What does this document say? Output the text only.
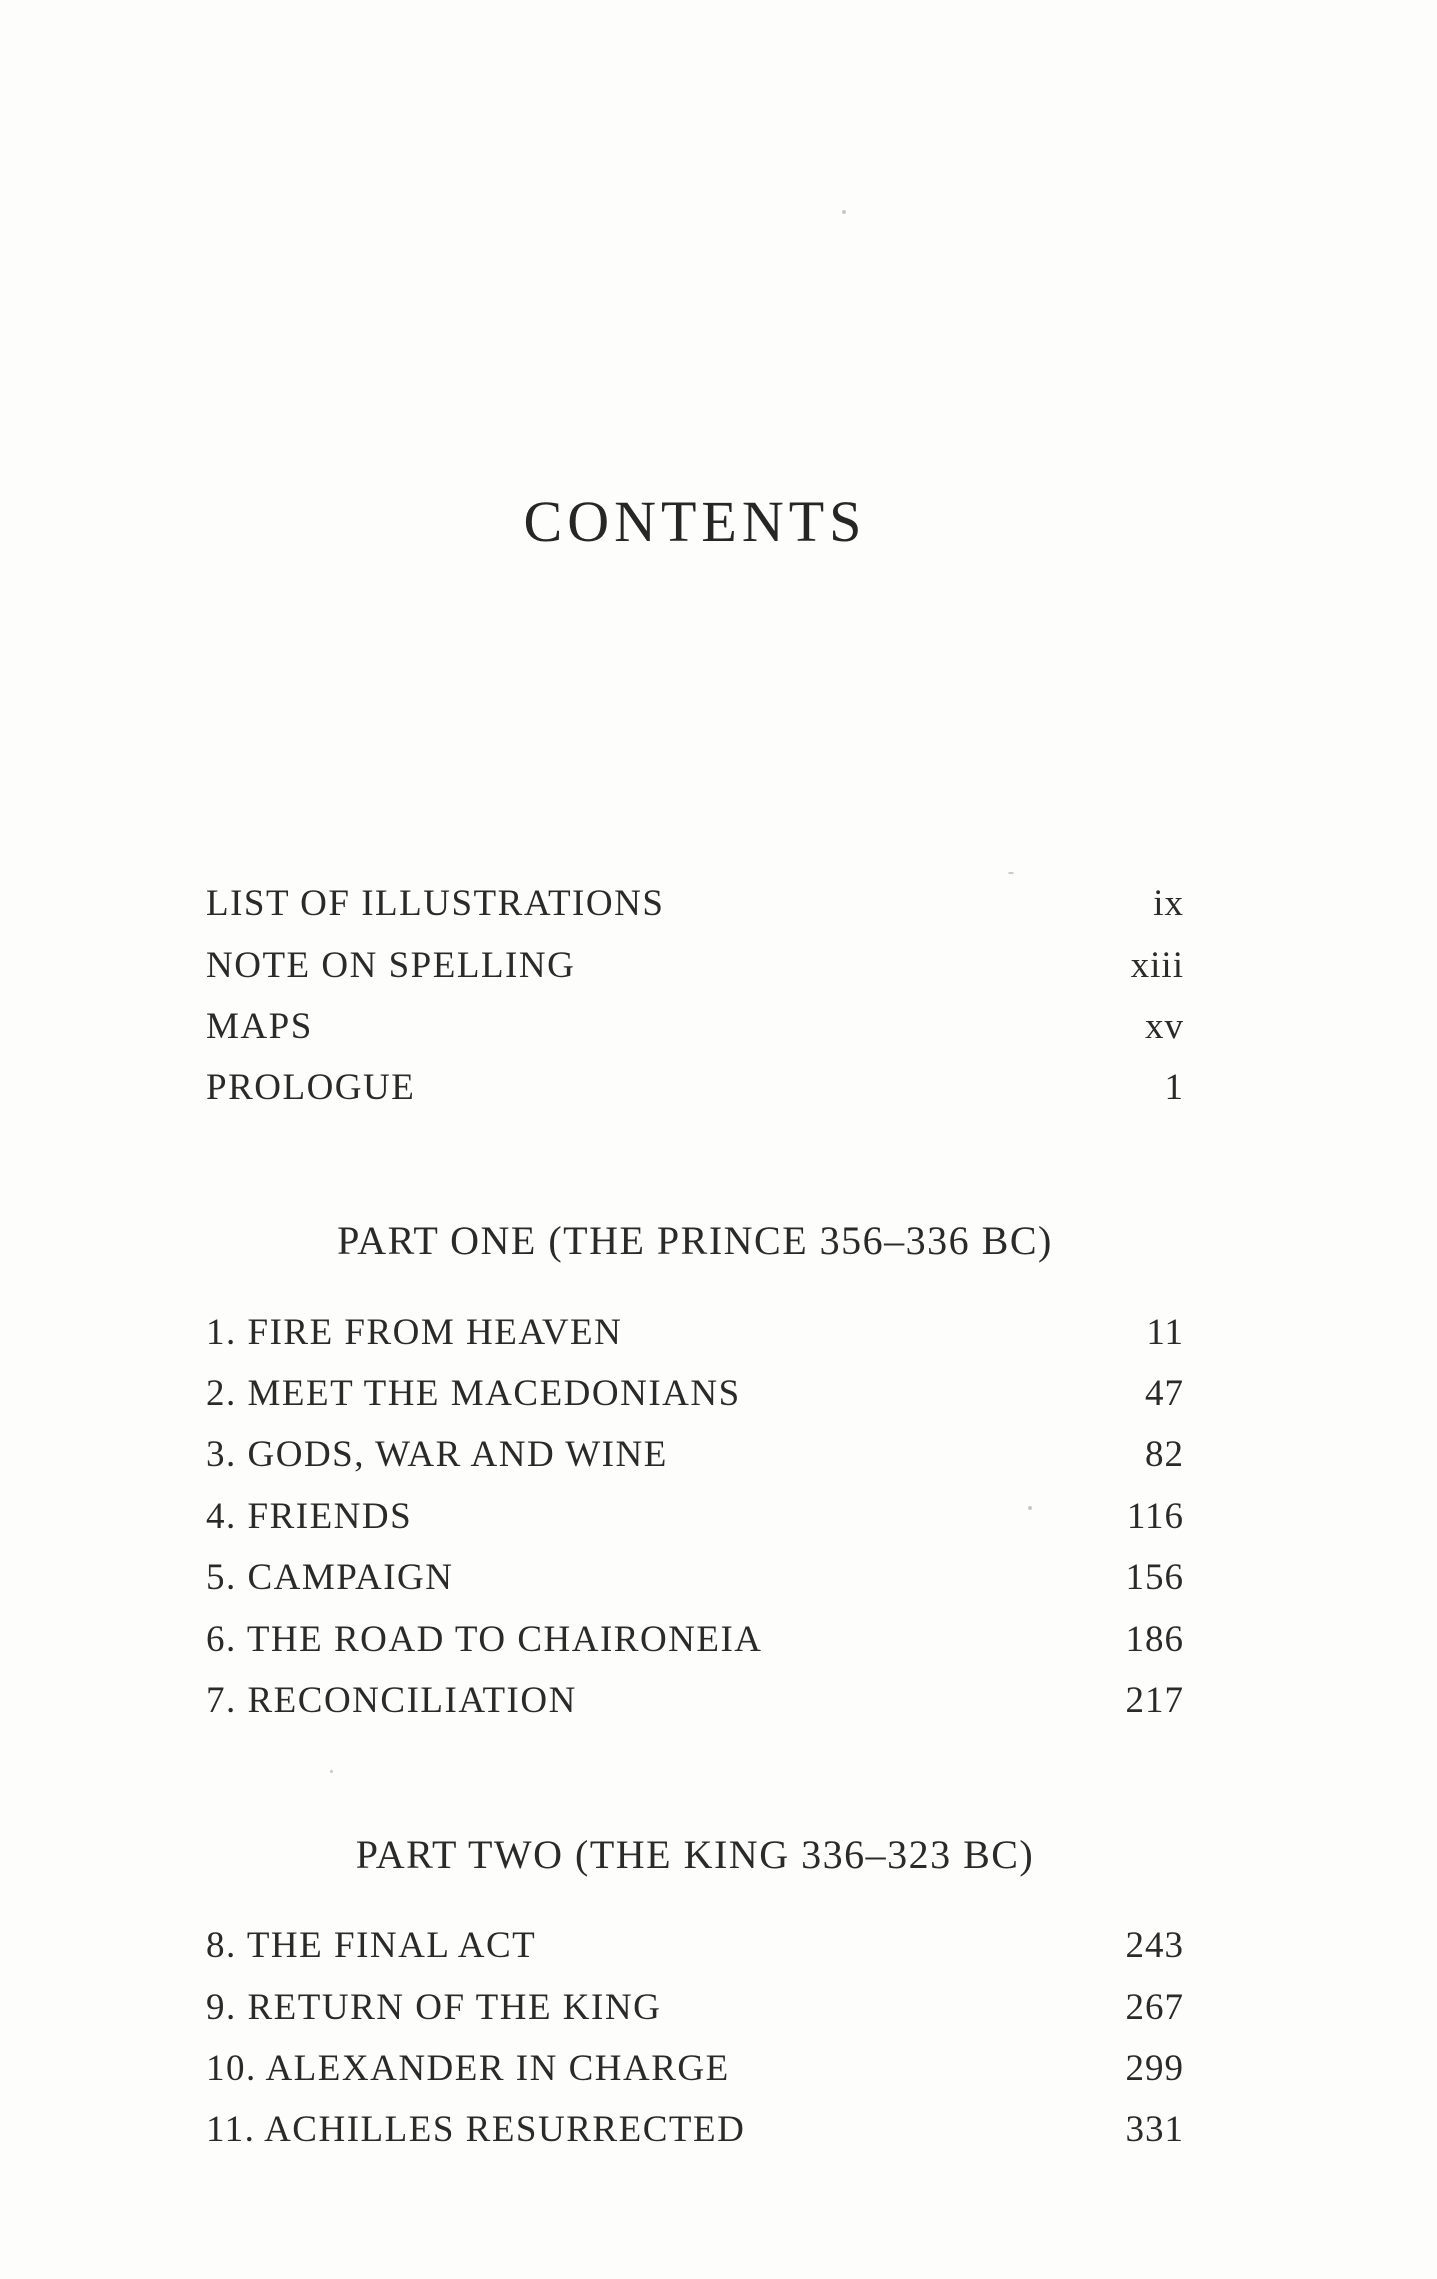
CONTENTS
LIST OF ILLUSTRATIONS	ix
NOTE ON SPELLING	xiii
MAPS	xv
PROLOGUE	1
PART ONE (THE PRINCE 356–336 BC)
1. FIRE FROM HEAVEN	11
2. MEET THE MACEDONIANS	47
3. GODS, WAR AND WINE	82
4. FRIENDS	116
5. CAMPAIGN	156
6. THE ROAD TO CHAIRONEIA	186
7. RECONCILIATION	217
PART TWO (THE KING 336–323 BC)
8. THE FINAL ACT	243
9. RETURN OF THE KING	267
10. ALEXANDER IN CHARGE	299
11. ACHILLES RESURRECTED	331
